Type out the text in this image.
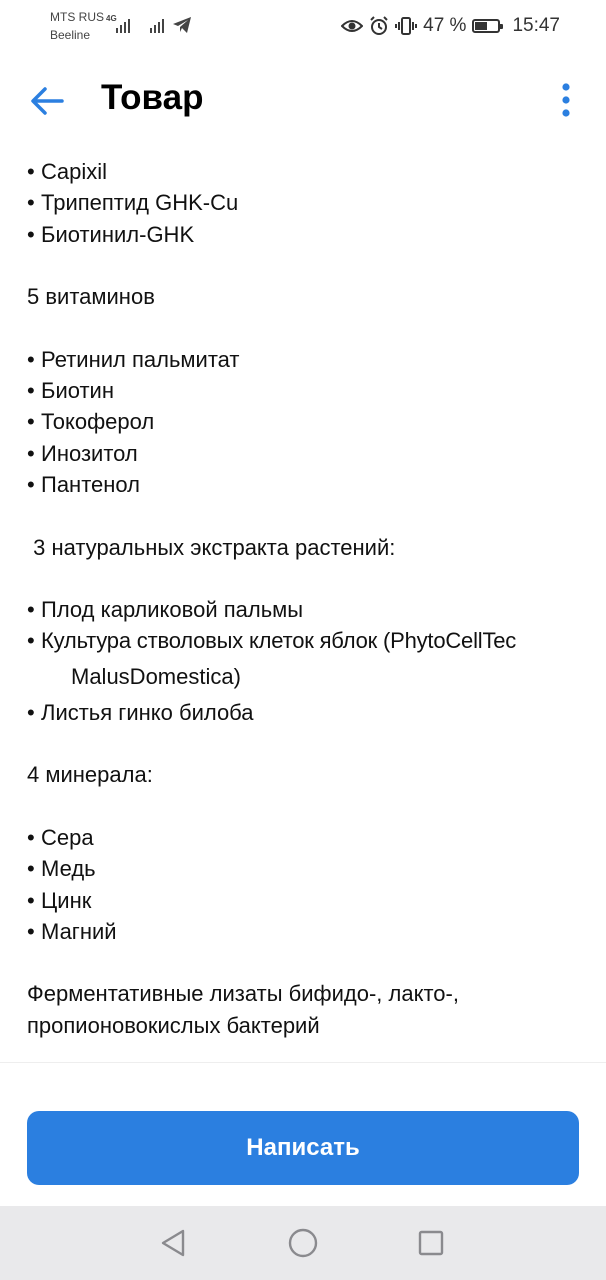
MTS RUS
Beeline
4G	47 % 15:47
Товар
• Capixil
• Трипептид GHK-Cu
• Биотинил-GHK
5 витаминов
• Ретинил пальмитат
• Биотин
• Токоферол
• Инозитол
• Пантенол
3 натуральных экстракта растений:
• Плод карликовой пальмы
• Культура стволовых клеток яблок (PhytoCellTec
MalusDomestica)
• Листья гинко билоба
4 минерала:
• Сера
• Медь
• Цинк
• Магний
Ферментативные лизаты бифидо-, лакто-,
пропионовокислых бактерий
Написать
